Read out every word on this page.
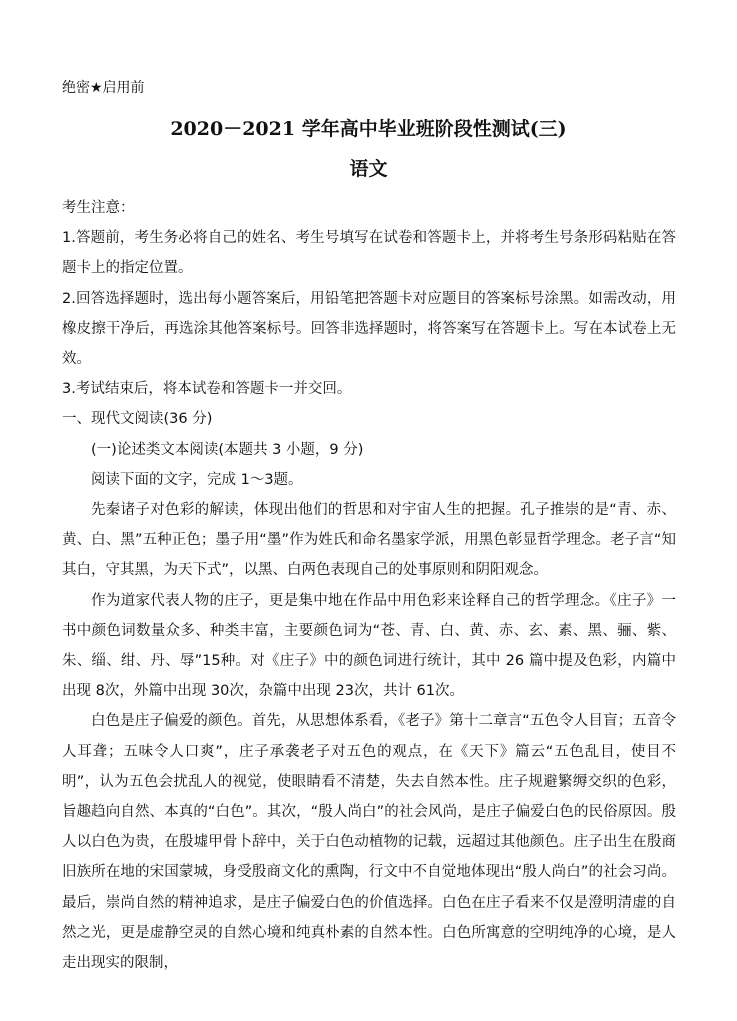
绝密★启用前
2020－2021 学年高中毕业班阶段性测试(三)
语文

考生注意：

1.答题前，考生务必将自己的姓名、考生号填写在试卷和答题卡上，并将考生号条形码粘贴在答题卡上的指定位置。

2.回答选择题时，选出每小题答案后，用铅笔把答题卡对应题目的答案标号涂黑。如需改动，用橡皮擦干净后，再选涂其他答案标号。回答非选择题时，将答案写在答题卡上。写在本试卷上无效。

3.考试结束后，将本试卷和答题卡一并交回。

一、现代文阅读(36 分)

(一)论述类文本阅读(本题共 3 小题，9 分)

阅读下面的文字，完成 1～3题。

先秦诸子对色彩的解读，体现出他们的哲思和对宇宙人生的把握。孔子推崇的是“青、赤、黄、白、黑”五种正色；墨子用“墨”作为姓氏和命名墨家学派，用黑色彰显哲学理念。老子言“知其白，守其黑，为天下式”，以黑、白两色表现自己的处事原则和阴阳观念。

作为道家代表人物的庄子，更是集中地在作品中用色彩来诠释自己的哲学理念。《庄子》一书中颜色词数量众多、种类丰富，主要颜色词为“苍、青、白、黄、赤、玄、素、黑、骊、紫、朱、缁、绀、丹、辱”15种。对《庄子》中的颜色词进行统计，其中 26 篇中提及色彩，内篇中出现 8次，外篇中出现 30次，杂篇中出现 23次，共计 61次。

白色是庄子偏爱的颜色。首先，从思想体系看，《老子》第十二章言“五色令人目盲；五音令人耳聋；五味令人口爽”，庄子承袭老子对五色的观点，在《天下》篇云“五色乱目，使目不明”，认为五色会扰乱人的视觉，使眼睛看不清楚，失去自然本性。庄子规避繁缛交织的色彩，旨趣趋向自然、本真的“白色”。其次，“殷人尚白”的社会风尚，是庄子偏爱白色的民俗原因。殷人以白色为贵，在殷墟甲骨卜辞中，关于白色动植物的记载，远超过其他颜色。庄子出生在殷商旧族所在地的宋国蒙城，身受殷商文化的熏陶，行文中不自觉地体现出“殷人尚白”的社会习尚。最后，崇尚自然的精神追求，是庄子偏爱白色的价值选择。白色在庄子看来不仅是澄明清虚的自然之光，更是虚静空灵的自然心境和纯真朴素的自然本性。白色所寓意的空明纯净的心境，是人走出现实的限制，
